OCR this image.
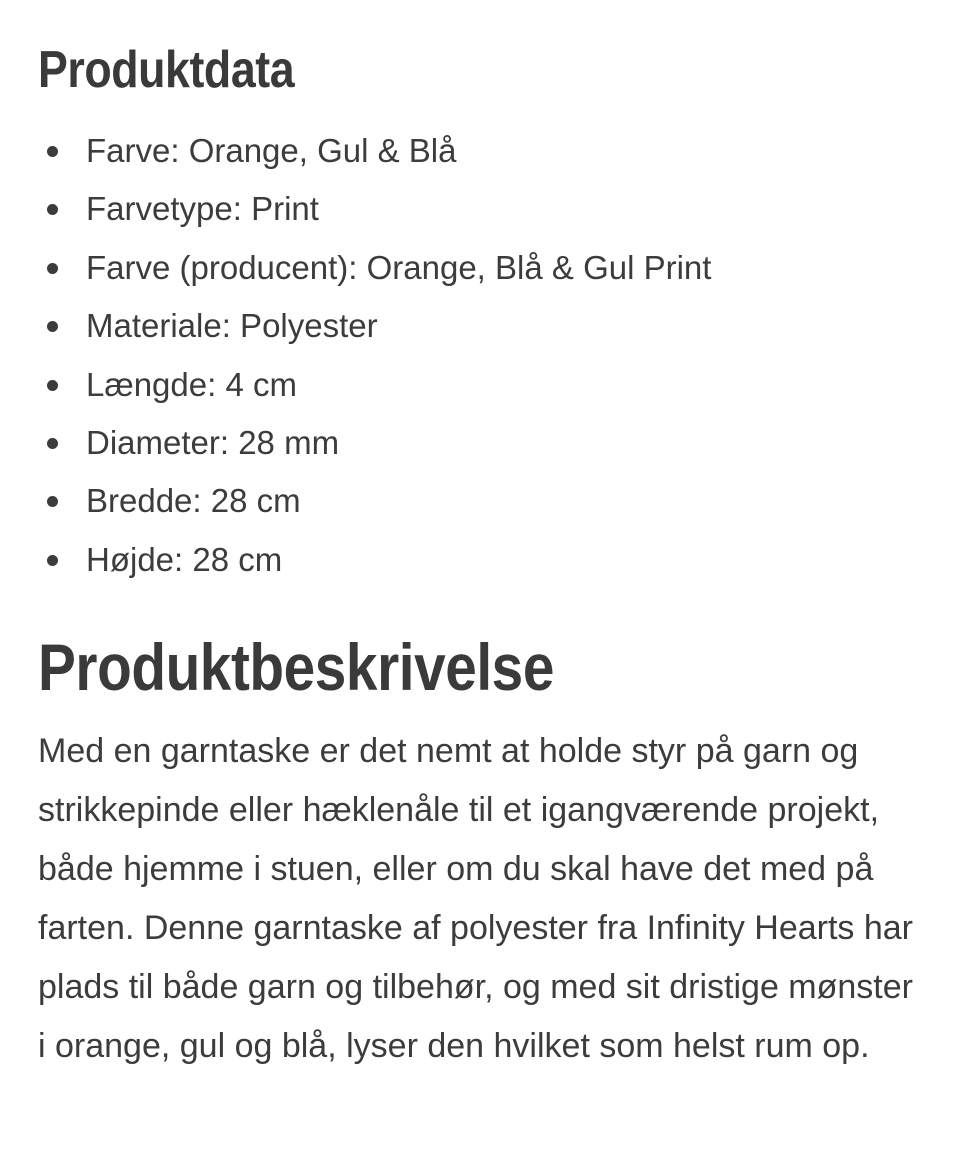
Produktdata
Farve: Orange, Gul & Blå
Farvetype: Print
Farve (producent): Orange, Blå & Gul Print
Materiale: Polyester
Længde: 4 cm
Diameter: 28 mm
Bredde: 28 cm
Højde: 28 cm
Produktbeskrivelse

Med en garntaske er det nemt at holde styr på garn og strikkepinde eller hæklenåle til et igangværende projekt, både hjemme i stuen, eller om du skal have det med på farten. Denne garntaske af polyester fra Infinity Hearts har plads til både garn og tilbehør, og med sit dristige mønster i orange, gul og blå, lyser den hvilket som helst rum op.
